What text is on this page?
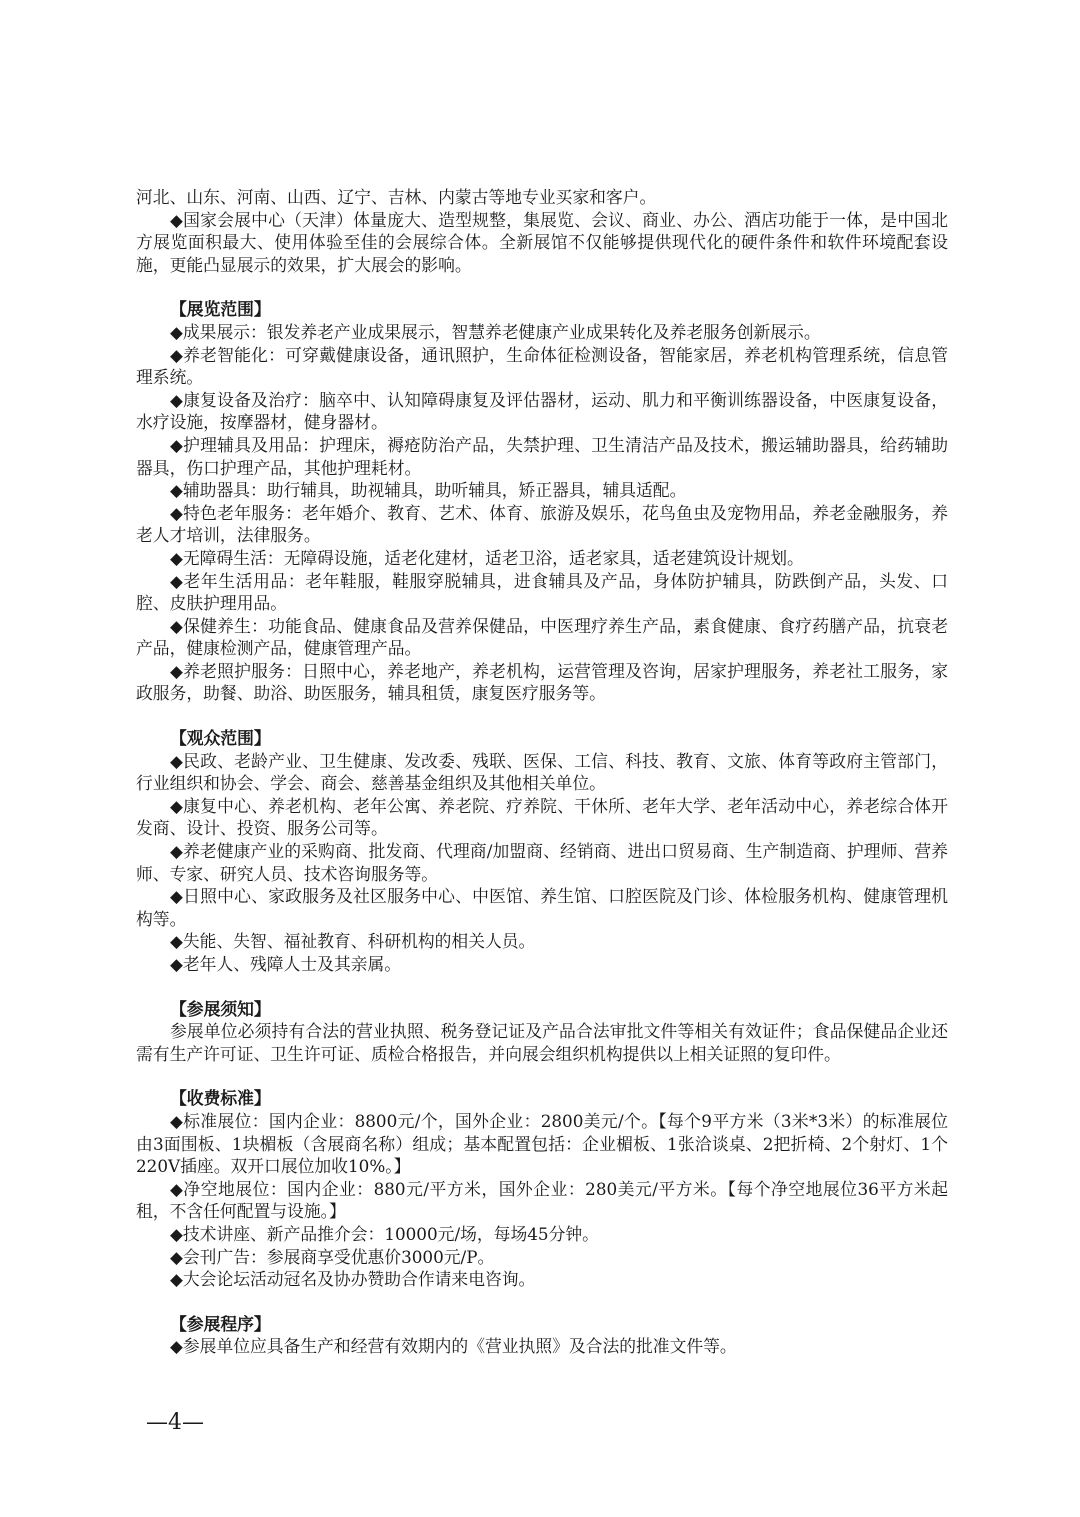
河北、山东、河南、山西、辽宁、吉林、内蒙古等地专业买家和客户。

◆国家会展中心（天津）体量庞大、造型规整，集展览、会议、商业、办公、酒店功能于一体，是中国北方展览面积最大、使用体验至佳的会展综合体。全新展馆不仅能够提供现代化的硬件条件和软件环境配套设施，更能凸显展示的效果，扩大展会的影响。

【展览范围】

◆成果展示：银发养老产业成果展示，智慧养老健康产业成果转化及养老服务创新展示。

◆养老智能化：可穿戴健康设备，通讯照护，生命体征检测设备，智能家居，养老机构管理系统，信息管理系统。

◆康复设备及治疗：脑卒中、认知障碍康复及评估器材，运动、肌力和平衡训练器设备，中医康复设备，水疗设施，按摩器材，健身器材。

◆护理辅具及用品：护理床，褥疮防治产品，失禁护理、卫生清洁产品及技术，搬运辅助器具，给药辅助器具，伤口护理产品，其他护理耗材。

◆辅助器具：助行辅具，助视辅具，助听辅具，矫正器具，辅具适配。

◆特色老年服务：老年婚介、教育、艺术、体育、旅游及娱乐，花鸟鱼虫及宠物用品，养老金融服务，养老人才培训，法律服务。

◆无障碍生活：无障碍设施，适老化建材，适老卫浴，适老家具，适老建筑设计规划。

◆老年生活用品：老年鞋服，鞋服穿脱辅具，进食辅具及产品，身体防护辅具，防跌倒产品，头发、口腔、皮肤护理用品。

◆保健养生：功能食品、健康食品及营养保健品，中医理疗养生产品，素食健康、食疗药膳产品，抗衰老产品，健康检测产品，健康管理产品。

◆养老照护服务：日照中心，养老地产，养老机构，运营管理及咨询，居家护理服务，养老社工服务，家政服务，助餐、助浴、助医服务，辅具租赁，康复医疗服务等。

【观众范围】

◆民政、老龄产业、卫生健康、发改委、残联、医保、工信、科技、教育、文旅、体育等政府主管部门，行业组织和协会、学会、商会、慈善基金组织及其他相关单位。

◆康复中心、养老机构、老年公寓、养老院、疗养院、干休所、老年大学、老年活动中心，养老综合体开发商、设计、投资、服务公司等。

◆养老健康产业的采购商、批发商、代理商/加盟商、经销商、进出口贸易商、生产制造商、护理师、营养师、专家、研究人员、技术咨询服务等。

◆日照中心、家政服务及社区服务中心、中医馆、养生馆、口腔医院及门诊、体检服务机构、健康管理机构等。

◆失能、失智、福祉教育、科研机构的相关人员。

◆老年人、残障人士及其亲属。

【参展须知】

参展单位必须持有合法的营业执照、税务登记证及产品合法审批文件等相关有效证件；食品保健品企业还需有生产许可证、卫生许可证、质检合格报告，并向展会组织机构提供以上相关证照的复印件。

【收费标准】

◆标准展位：国内企业：8800元/个，国外企业：2800美元/个。【每个9平方米（3米*3米）的标准展位由3面围板、1块楣板（含展商名称）组成；基本配置包括：企业楣板、1张洽谈桌、2把折椅、2个射灯、1个220V插座。双开口展位加收10%。】

◆净空地展位：国内企业：880元/平方米，国外企业：280美元/平方米。【每个净空地展位36平方米起租，不含任何配置与设施。】

◆技术讲座、新产品推介会：10000元/场，每场45分钟。

◆会刊广告：参展商享受优惠价3000元/P。

◆大会论坛活动冠名及协办赞助合作请来电咨询。

【参展程序】

◆参展单位应具备生产和经营有效期内的《营业执照》及合法的批准文件等。

—4—
